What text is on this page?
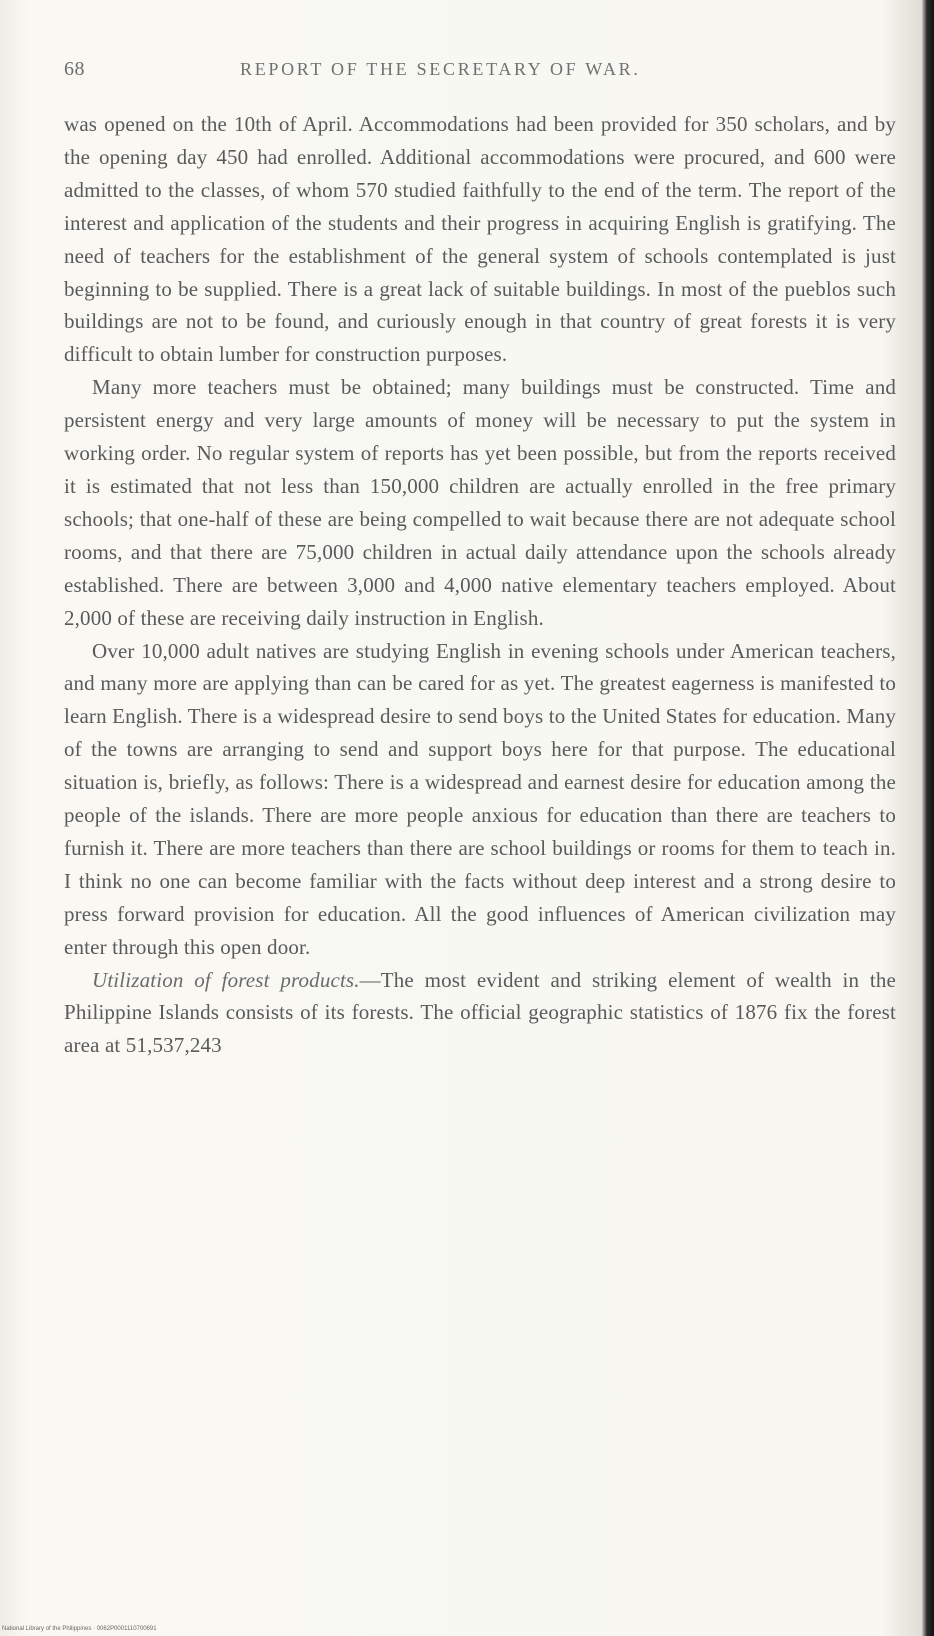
68	REPORT OF THE SECRETARY OF WAR.

was opened on the 10th of April. Accommodations had been provided for 350 scholars, and by the opening day 450 had enrolled. Additional accommodations were procured, and 600 were admitted to the classes, of whom 570 studied faithfully to the end of the term. The report of the interest and application of the students and their progress in acquiring English is gratifying. The need of teachers for the establishment of the general system of schools contemplated is just beginning to be supplied. There is a great lack of suitable buildings. In most of the pueblos such buildings are not to be found, and curiously enough in that country of great forests it is very difficult to obtain lumber for construction purposes.

Many more teachers must be obtained; many buildings must be constructed. Time and persistent energy and very large amounts of money will be necessary to put the system in working order. No regular system of reports has yet been possible, but from the reports received it is estimated that not less than 150,000 children are actually enrolled in the free primary schools; that one-half of these are being compelled to wait because there are not adequate school rooms, and that there are 75,000 children in actual daily attendance upon the schools already established. There are between 3,000 and 4,000 native elementary teachers employed. About 2,000 of these are receiving daily instruction in English.

Over 10,000 adult natives are studying English in evening schools under American teachers, and many more are applying than can be cared for as yet. The greatest eagerness is manifested to learn English. There is a widespread desire to send boys to the United States for education. Many of the towns are arranging to send and support boys here for that purpose. The educational situation is, briefly, as follows: There is a widespread and earnest desire for education among the people of the islands. There are more people anxious for education than there are teachers to furnish it. There are more teachers than there are school buildings or rooms for them to teach in. I think no one can become familiar with the facts without deep interest and a strong desire to press forward provision for education. All the good influences of American civilization may enter through this open door.

Utilization of forest products.—The most evident and striking element of wealth in the Philippine Islands consists of its forests. The official geographic statistics of 1876 fix the forest area at 51,537,243

National Library of the Philippines · 0062P0001110700691
